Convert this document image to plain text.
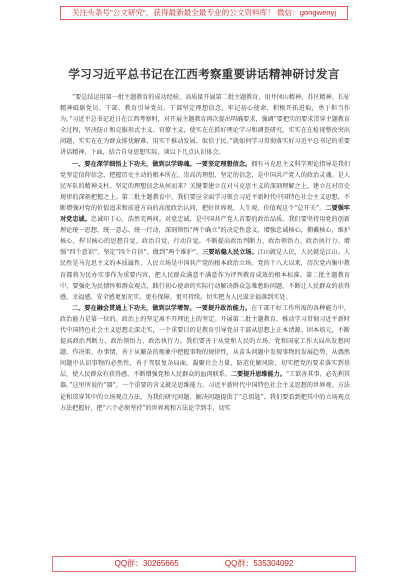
关注头条号"公文研究"，获得最新最全最专业的公文资料库！ 微信：gongwenyj
学习习近平总书记在江西考察重要讲话精神研讨发言

“要总结运用第一批主题教育的成功经验，高质量开展第二批主题教育，用井冈山精神、苏区精神、长征精神砥砺党员、干部，教育引导党员、干部坚定理想信念，牢记初心使命，积极开拓进取，勇于担当作为。”习近平总书记近日在江西考察时，对开展主题教育再次提出明确要求，强调“要把实的要求贯穿主题教育全过程，坚决防止和克服形式主义、官僚主义，使实在在抓好理论学习和调查研究，实实在在检视整改突出问题，实实在在为群众排忧解难，用实干推动发展、取信于民。”就如何学习贯彻落实好习近平总书记的重要讲话精神，下面，结合自身思想实际，谈以下几点认识体会。

一、要在深学细悟上下功夫，做到以学铸魂。一要坚定理想信念。拥有马克思主义科学理论指导是我们党坚定信仰信念、把握历史主动的根本所在。崇高的理想，坚定的信念，是中国共产党人的政治灵魂。是人民军队的精神支柱。坚定的理想信念从何而来？关键要建立在对马克思主义的深刻理解之上，建立在对历史规律的深刻把握之上。第二批主题教育中，我们要应全面学习领会习近平新时代中国特色社会主义思想，不断增强对党的价值追求和前进方向的高度政治认同，把好世界观、人生观、价值观这个“总开关”。二要强牢对党忠诚。忠诚印于心，浩然充两间。对党忠诚，是中国共产党人首要的政治品质。我们要坚持用党的创新理论统一思想、统一意志、统一行动，深刻领悟“两个确立”的决定性意义，增强忠诚核心，拥戴核心，维护核心，捍卫核心的思想自觉、政治自觉、行动自觉。不断提高政治判断力、政治领悟力、政治执行力。增强“四个意识”、坚定“四个自信”、做到“两个维护”。三要站稳人民立场。江山就是人民，人民就是江山。人民性是马克思主义的本质属性，人民立场是中国共产党的根本政治立场。党的十八大以来，历次党内集中教育都将为民办实事作为重要内容，把人民群众满意不满意作为评判教育成效的根本标准。第二批主题教育中，要强化为民情怀和群众观点，践行初心使命的实际行动解决群众急难愁盼问题，不断让人民群众的获得感、幸福感、安全感更加充实、更有保障、更可持续。切实把为人民谋幸福落到实处。

二、要在融会贯通上下功夫，做到以学增智。一要提升政治能力。在干部干好工作所需的各种能力中，政治能力是第一位的。政治上的坚定离不开理论上的坚定。开展第二批主题教育，推动学习贯彻习近平新时代中国特色社会主义思想走深走实，一个重要目的是教育引导党员干部从思想上正本清源、固本培元，不断提高政治判断力、政治领悟力、政治执行力。我们要善于从党和人民的立场、党和国家工作大局出发想问题、作决策、办事情，善于从繁杂的现象中把握事物的规律性，从苗头问题中发现事物的发展趋势，从偶然问题中认识事物的必然性，善于驾驭复杂局面，凝聚社会力量，防范化解风险，切实把党的要求落实到基层，使人民群众有获得感，不断增强党和人民群众的血肉联系。二要提升思维能力。“工欲善其事，必先利其器。”这里所说的“器”，一个重要的含义就是思维能力。习近平新时代中国特色社会主义思想的世界观、方法论和贯穿其中的立场观点方法，为我们研究问题、解决问题提供了“总钥匙”。我们要看到把其中的立场观点方法把握好，把“六个必须坚持”的世界观和方法论学到手，切实

QQ群：30265665	QQ群：535304092
